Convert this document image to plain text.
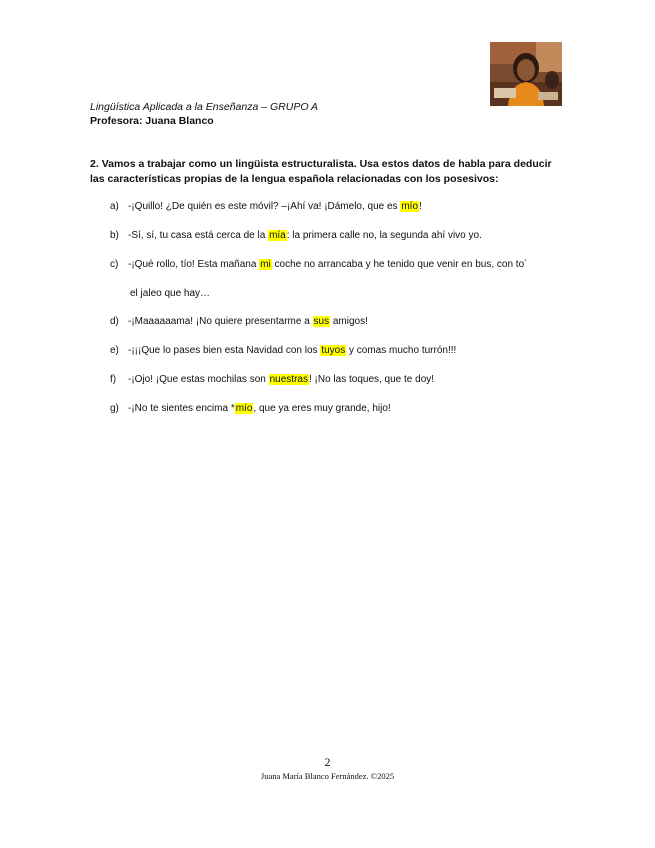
Lingüística Aplicada a la Enseñanza – GRUPO A
Profesora: Juana Blanco
2. Vamos a trabajar como un lingüista estructuralista. Usa estos datos de habla para deducir las características propias de la lengua española relacionadas con los posesivos:
a) -¡Quillo! ¿De quién es este móvil? –¡Ahí va! ¡Dámelo, que es mío!
b) -Sí, sí, tu casa está cerca de la mía: la primera calle no, la segunda ahí vivo yo.
c) -¡Qué rollo, tío! Esta mañana mi coche no arrancaba y he tenido que venir en bus, con to´
d) -¡Maaaaaama! ¡No quiere presentarme a sus amigos!
e) -¡¡¡Que lo pases bien esta Navidad con los tuyos y comas mucho turrón!!!
f) -¡Ojo! ¡Que estas mochilas son nuestras! ¡No las toques, que te doy!
g) -¡No te sientes encima *mío, que ya eres muy grande, hijo!
el jaleo que hay…
2
Juana María Blanco Fernández. ©2025
